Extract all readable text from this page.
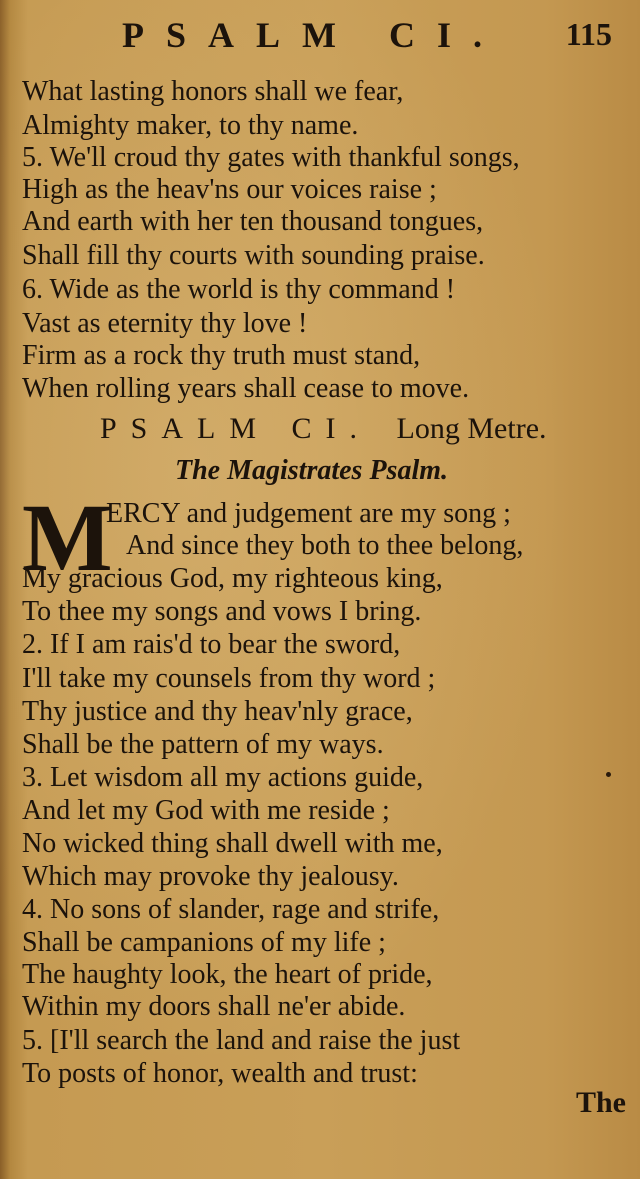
PSALM CI. 115
What lasting honors shall we fear,
Almighty maker, to thy name.
5. We'll croud thy gates with thankful songs,
High as the heav'ns our voices raise ;
And earth with her ten thousand tongues,
Shall fill thy courts with sounding praise.
6. Wide as the world is thy command !
Vast as eternity thy love !
Firm as a rock thy truth must stand,
When rolling years shall cease to move.
PSALM CI. Long Metre.
The Magistrates Psalm.
M
ERCY and judgement are my song ;
And since they both to thee belong,
My gracious God, my righteous king,
To thee my songs and vows I bring.
2. If I am rais'd to bear the sword,
I'll take my counsels from thy word ;
Thy justice and thy heav'nly grace,
Shall be the pattern of my ways.
3. Let wisdom all my actions guide,
And let my God with me reside ;
No wicked thing shall dwell with me,
Which may provoke thy jealousy.
4. No sons of slander, rage and strife,
Shall be campanions of my life ;
The haughty look, the heart of pride,
Within my doors shall ne'er abide.
5. [I'll search the land and raise the just
To posts of honor, wealth and trust:
The
